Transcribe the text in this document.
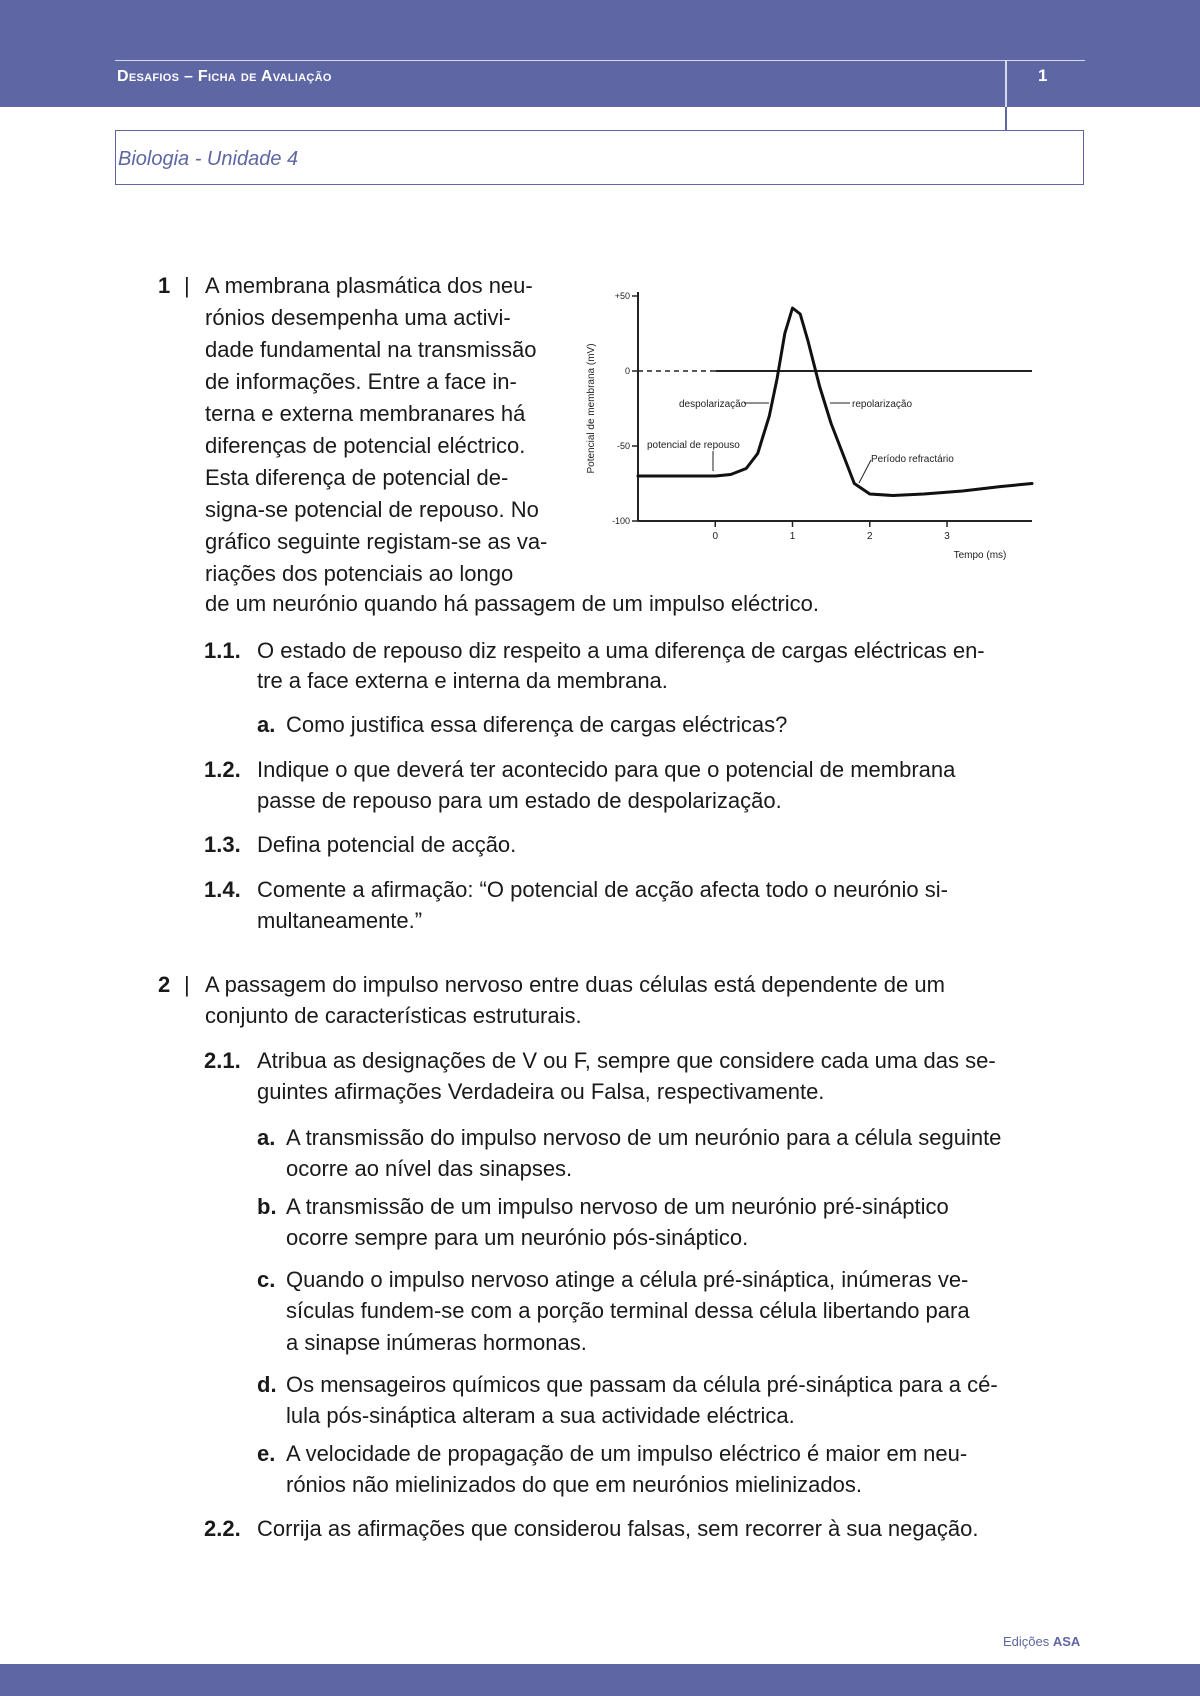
Desafios – Ficha de Avaliação	1
Biologia - Unidade 4
1 | A membrana plasmática dos neu-
rónios desempenha uma activi-
dade fundamental na transmissão
de informações. Entre a face in-
terna e externa membranares há
diferenças de potencial eléctrico.
Esta diferença de potencial de-
signa-se potencial de repouso. No
gráfico seguinte registam-se as va-
riações dos potenciais ao longo
de um neurónio quando há passagem de um impulso eléctrico.
1.1. O estado de repouso diz respeito a uma diferença de cargas eléctricas en-
tre a face externa e interna da membrana.
a. Como justifica essa diferença de cargas eléctricas?
1.2. Indique o que deverá ter acontecido para que o potencial de membrana
passe de repouso para um estado de despolarização.
1.3. Defina potencial de acção.
1.4. Comente a afirmação: “O potencial de acção afecta todo o neurónio si-
multaneamente.”
2 | A passagem do impulso nervoso entre duas células está dependente de um
conjunto de características estruturais.
2.1. Atribua as designações de V ou F, sempre que considere cada uma das se-
guintes afirmações Verdadeira ou Falsa, respectivamente.
a. A transmissão do impulso nervoso de um neurónio para a célula seguinte
ocorre ao nível das sinapses.
b. A transmissão de um impulso nervoso de um neurónio pré-sináptico
ocorre sempre para um neurónio pós-sináptico.
c. Quando o impulso nervoso atinge a célula pré-sináptica, inúmeras ve-
sículas fundem-se com a porção terminal dessa célula libertando para
a sinapse inúmeras hormonas.
d. Os mensageiros químicos que passam da célula pré-sináptica para a cé-
lula pós-sináptica alteram a sua actividade eléctrica.
e. A velocidade de propagação de um impulso eléctrico é maior em neu-
rónios não mielinizados do que em neurónios mielinizados.
2.2. Corrija as afirmações que considerou falsas, sem recorrer à sua negação.
+50
0
-50
-100
0	1	2	3
Tempo (ms)
Potencial de membrana (mV)	despolarização	repolarização
potencial de repouso
Período refractário
Edições ASA
